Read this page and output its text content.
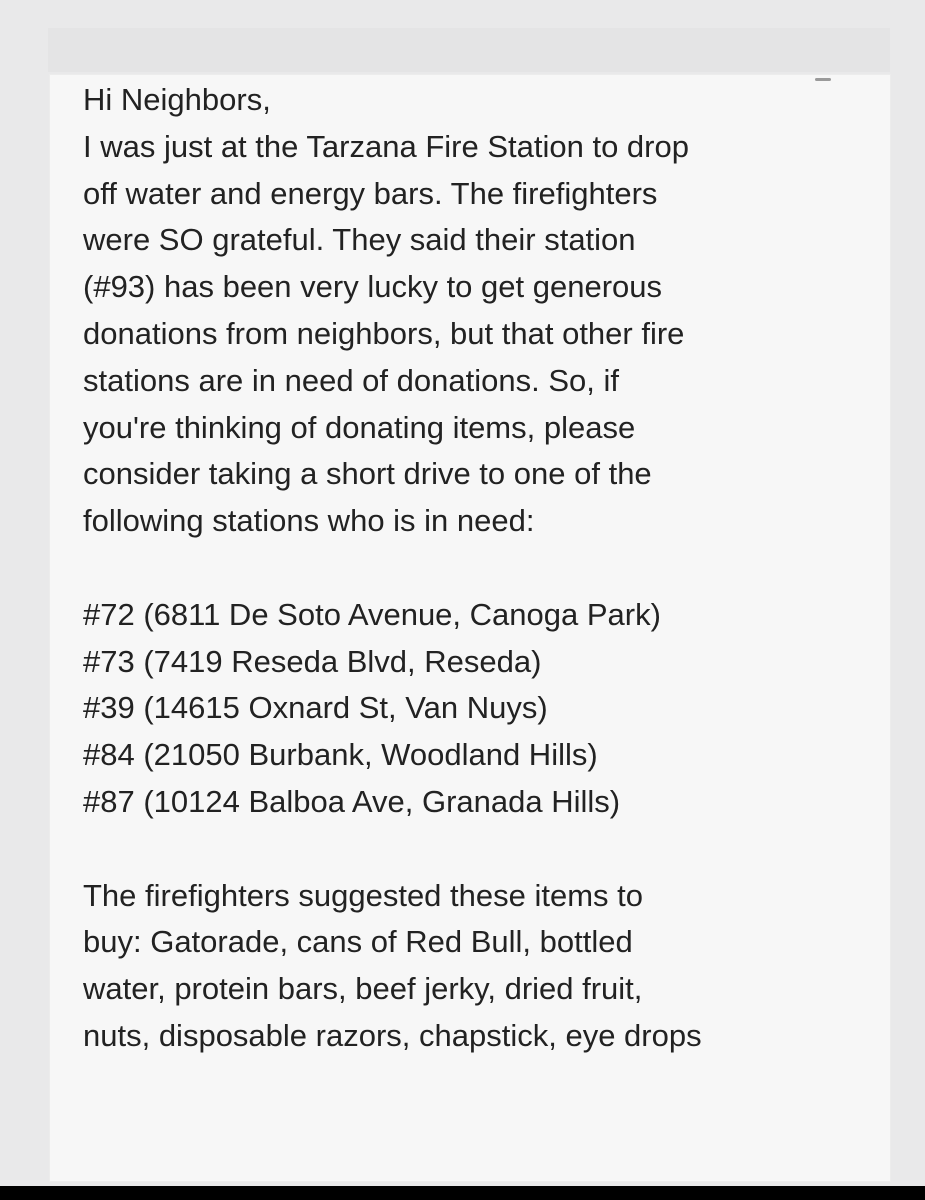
Hi Neighbors,
I was just at the Tarzana Fire Station to drop
off water and energy bars. The firefighters
were SO grateful. They said their station
(#93) has been very lucky to get generous
donations from neighbors, but that other fire
stations are in need of donations. So, if
you're thinking of donating items, please
consider taking a short drive to one of the
following stations who is in need:
#72 (6811 De Soto Avenue, Canoga Park)
#73 (7419 Reseda Blvd, Reseda)
#39 (14615 Oxnard St, Van Nuys)
#84 (21050 Burbank, Woodland Hills)
#87 (10124 Balboa Ave, Granada Hills)
The firefighters suggested these items to
buy: Gatorade, cans of Red Bull, bottled
water, protein bars, beef jerky, dried fruit,
nuts, disposable razors, chapstick, eye drops
